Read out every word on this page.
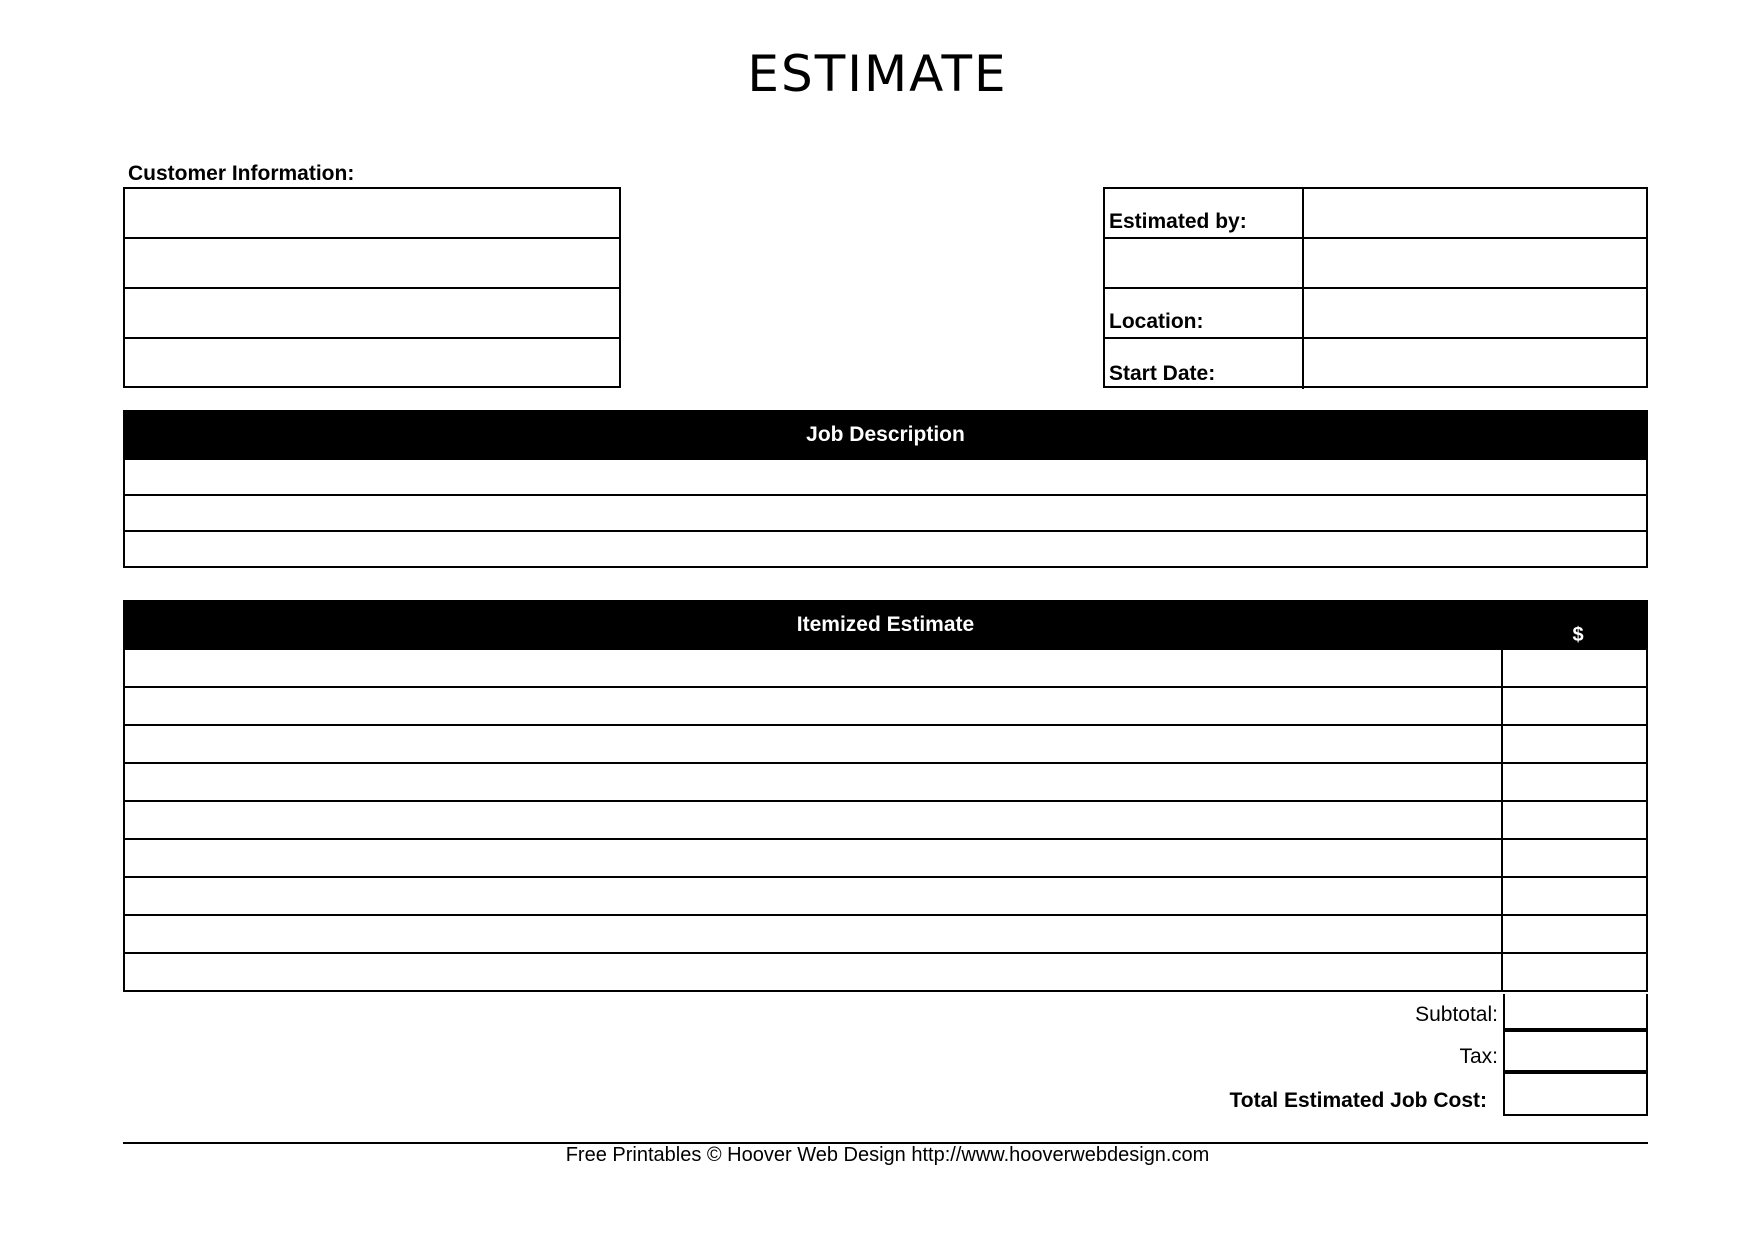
ESTIMATE
Customer Information:
Estimated by:
Location:
Start Date:
Job Description
Itemized Estimate	$
Subtotal:
Tax:
Total Estimated Job Cost:
Free Printables © Hoover Web Design http://www.hooverwebdesign.com
